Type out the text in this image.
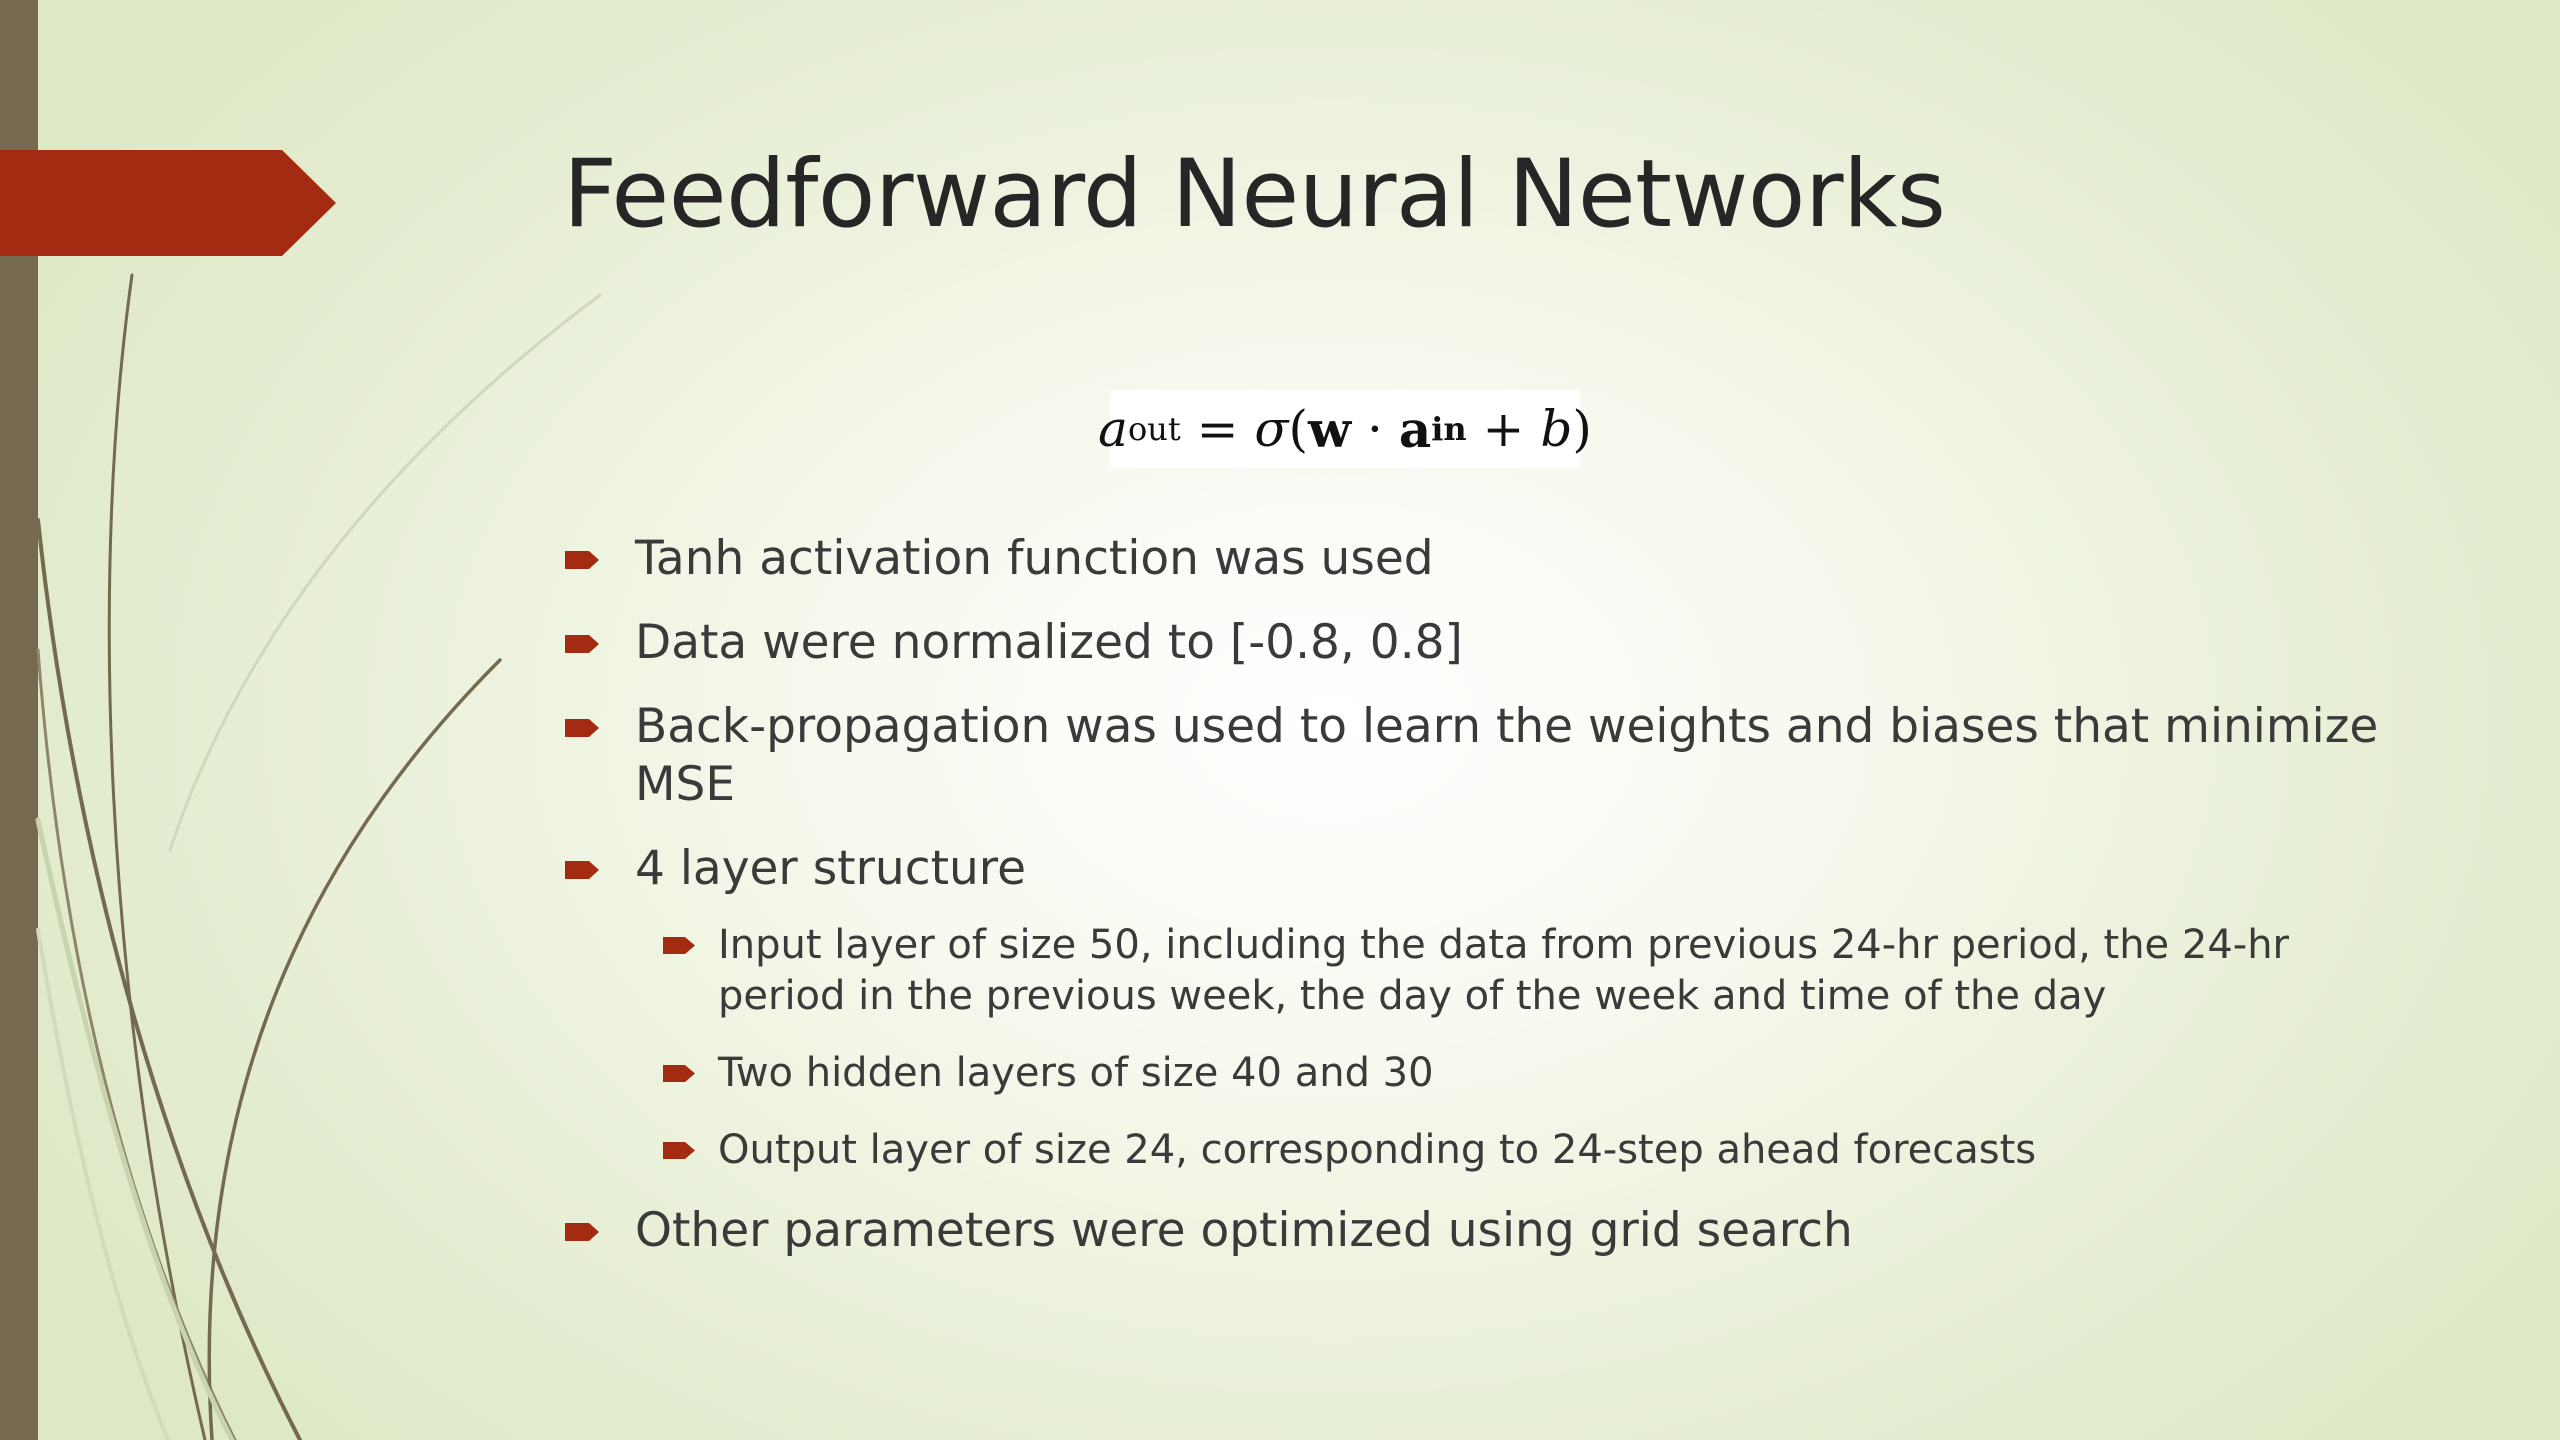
Feedforward Neural Networks
a out
=
σ ( w
·
a in
+
b )
Tanh activation function was used
Data were normalized to [-0.8, 0.8]
Back-propagation was used to learn the weights and biases that minimize MSE
4 layer structure
Input layer of size 50, including the data from previous 24-hr period, the 24-hr period in the previous week, the day of the week and time of the day
Two hidden layers of size 40 and 30
Output layer of size 24, corresponding to 24-step ahead forecasts
Other parameters were optimized using grid search
